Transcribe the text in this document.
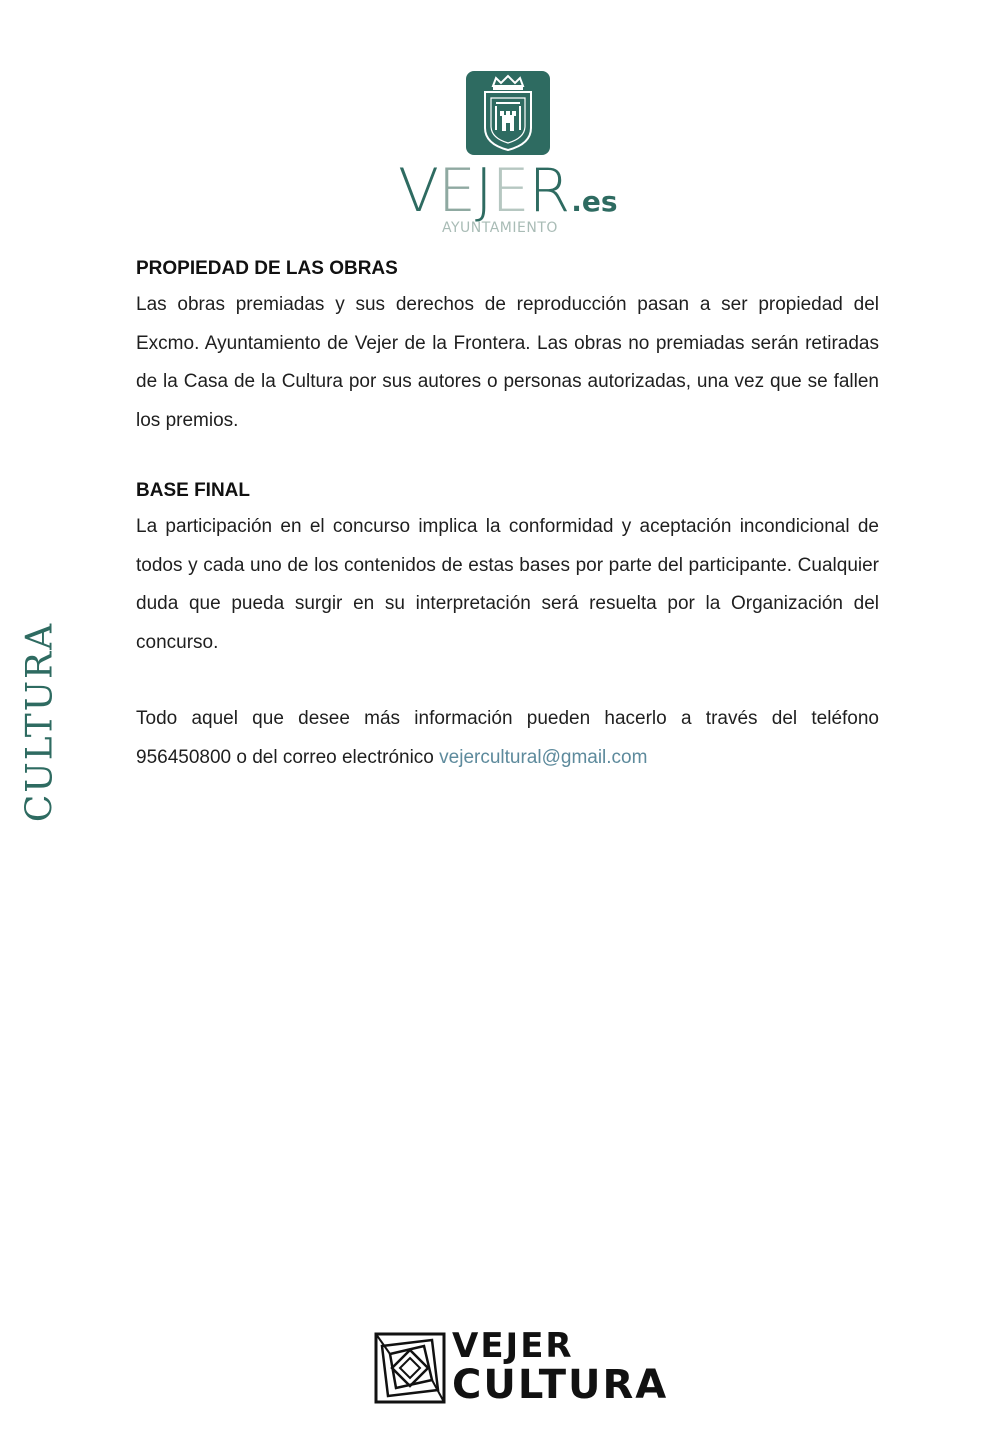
VEJER.es
AYUNTAMIENTO
CULTURA
PROPIEDAD DE LAS OBRAS

Las obras premiadas y sus derechos de reproducción pasan a ser propiedad del Excmo. Ayuntamiento de Vejer de la Frontera. Las obras no premiadas serán retiradas de la Casa de la Cultura por sus autores o personas autorizadas, una vez que se fallen los premios.

BASE FINAL

La participación en el concurso implica la conformidad y aceptación incondicional de todos y cada uno de los contenidos de estas bases por parte del participante. Cualquier duda que pueda surgir en su interpretación será resuelta por la Organización del concurso.

Todo aquel que desee más información pueden hacerlo a través del teléfono 956450800 o del correo electrónico vejercultural@gmail.com

VEJER
CULTURA
